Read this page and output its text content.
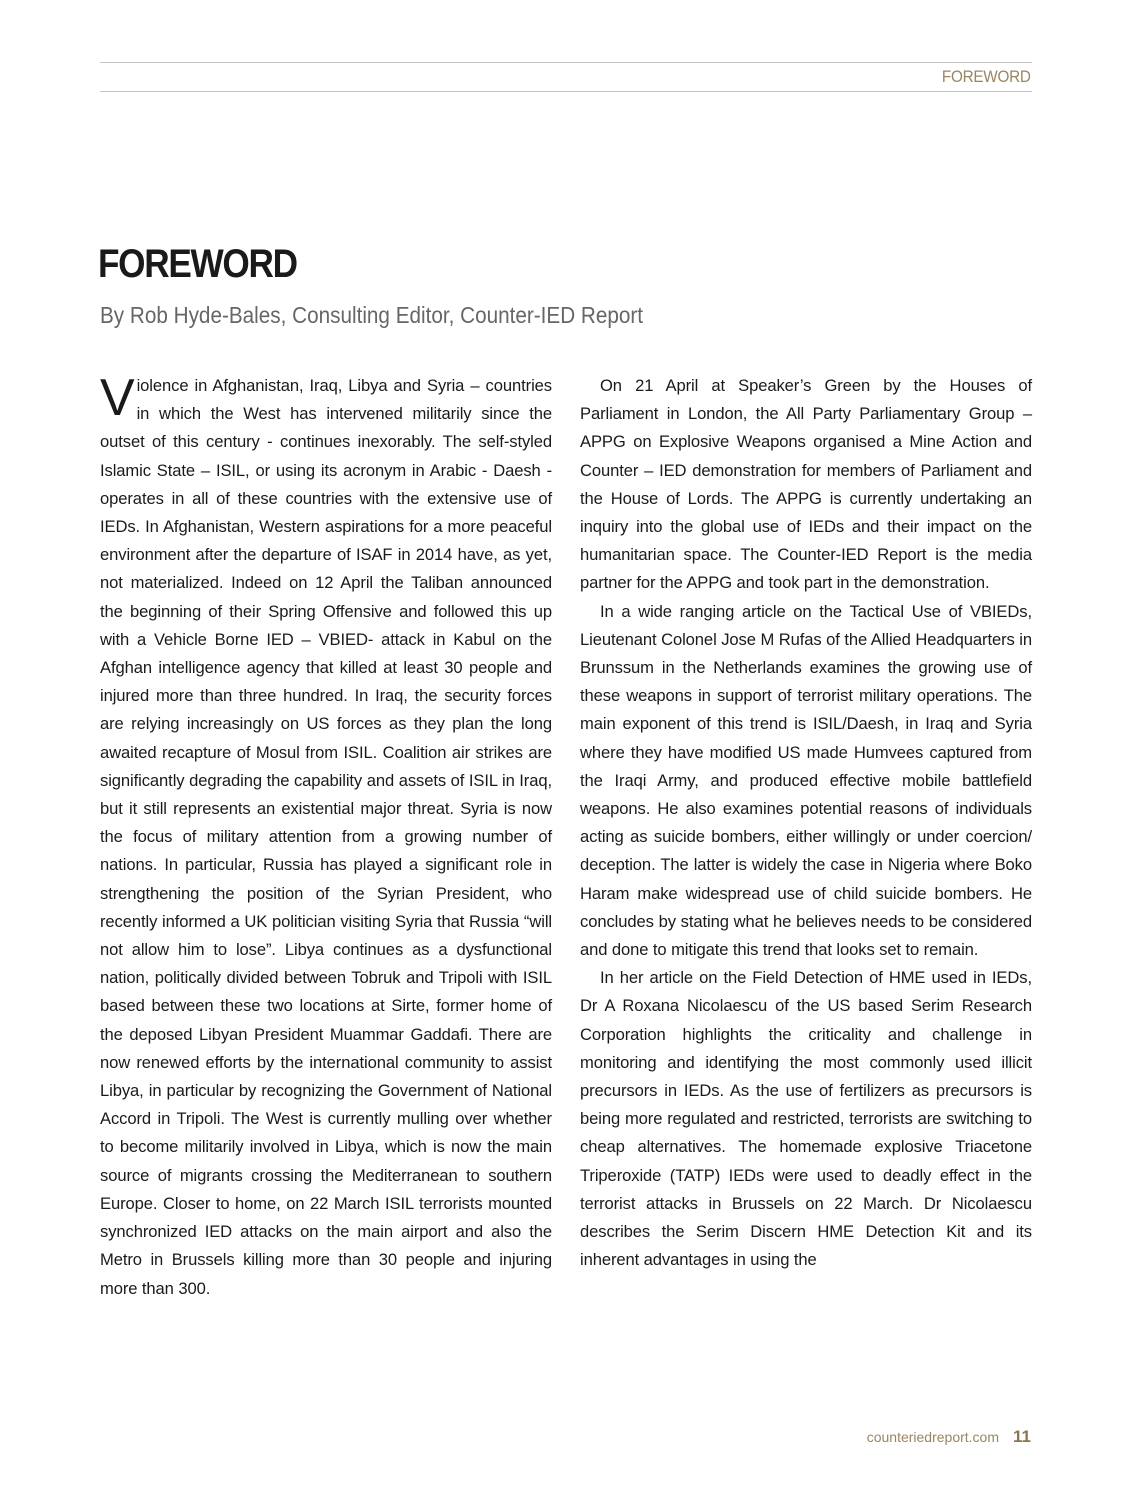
FOREWORD
FOREWORD
By Rob Hyde-Bales, Consulting Editor, Counter-IED Report

Violence in Afghanistan, Iraq, Libya and Syria – countries in which the West has intervened militarily since the outset of this century - continues inexorably. The self-styled Islamic State – ISIL, or using its acronym in Arabic - Daesh - operates in all of these countries with the extensive use of IEDs. In Afghanistan, Western aspirations for a more peaceful environment after the departure of ISAF in 2014 have, as yet, not materialized. Indeed on 12 April the Taliban announced the beginning of their Spring Offensive and followed this up with a Vehicle Borne IED – VBIED- attack in Kabul on the Afghan intelligence agency that killed at least 30 people and injured more than three hundred. In Iraq, the security forces are relying increasingly on US forces as they plan the long awaited recapture of Mosul from ISIL. Coalition air strikes are significantly degrading the capability and assets of ISIL in Iraq, but it still represents an existential major threat. Syria is now the focus of military attention from a growing number of nations. In particular, Russia has played a significant role in strengthening the position of the Syrian President, who recently informed a UK politician visiting Syria that Russia “will not allow him to lose”. Libya continues as a dysfunctional nation, politically divided between Tobruk and Tripoli with ISIL based between these two locations at Sirte, former home of the deposed Libyan President Muammar Gaddafi. There are now renewed efforts by the international community to assist Libya, in particular by recognizing the Government of National Accord in Tripoli. The West is currently mulling over whether to become militarily involved in Libya, which is now the main source of migrants crossing the Mediterranean to southern Europe. Closer to home, on 22 March ISIL terrorists mounted synchronized IED attacks on the main airport and also the Metro in Brussels killing more than 30 people and injuring more than 300.

On 21 April at Speaker’s Green by the Houses of Parliament in London, the All Party Parliamentary Group – APPG on Explosive Weapons organised a Mine Action and Counter – IED demonstration for members of Parliament and the House of Lords. The APPG is currently undertaking an inquiry into the global use of IEDs and their impact on the humanitarian space. The Counter-IED Report is the media partner for the APPG and took part in the demonstration.

In a wide ranging article on the Tactical Use of VBIEDs, Lieutenant Colonel Jose M Rufas of the Allied Headquarters in Brunssum in the Netherlands examines the growing use of these weapons in support of terrorist military operations. The main exponent of this trend is ISIL/Daesh, in Iraq and Syria where they have modified US made Humvees captured from the Iraqi Army, and produced effective mobile battlefield weapons. He also examines potential reasons of individuals acting as suicide bombers, either willingly or under coercion/ deception. The latter is widely the case in Nigeria where Boko Haram make widespread use of child suicide bombers. He concludes by stating what he believes needs to be considered and done to mitigate this trend that looks set to remain.

In her article on the Field Detection of HME used in IEDs, Dr A Roxana Nicolaescu of the US based Serim Research Corporation highlights the criticality and challenge in monitoring and identifying the most commonly used illicit precursors in IEDs. As the use of fertilizers as precursors is being more regulated and restricted, terrorists are switching to cheap alternatives. The homemade explosive Triacetone Triperoxide (TATP) IEDs were used to deadly effect in the terrorist attacks in Brussels on 22 March. Dr Nicolaescu describes the Serim Discern HME Detection Kit and its inherent advantages in using the

counteriedreport.com 11
